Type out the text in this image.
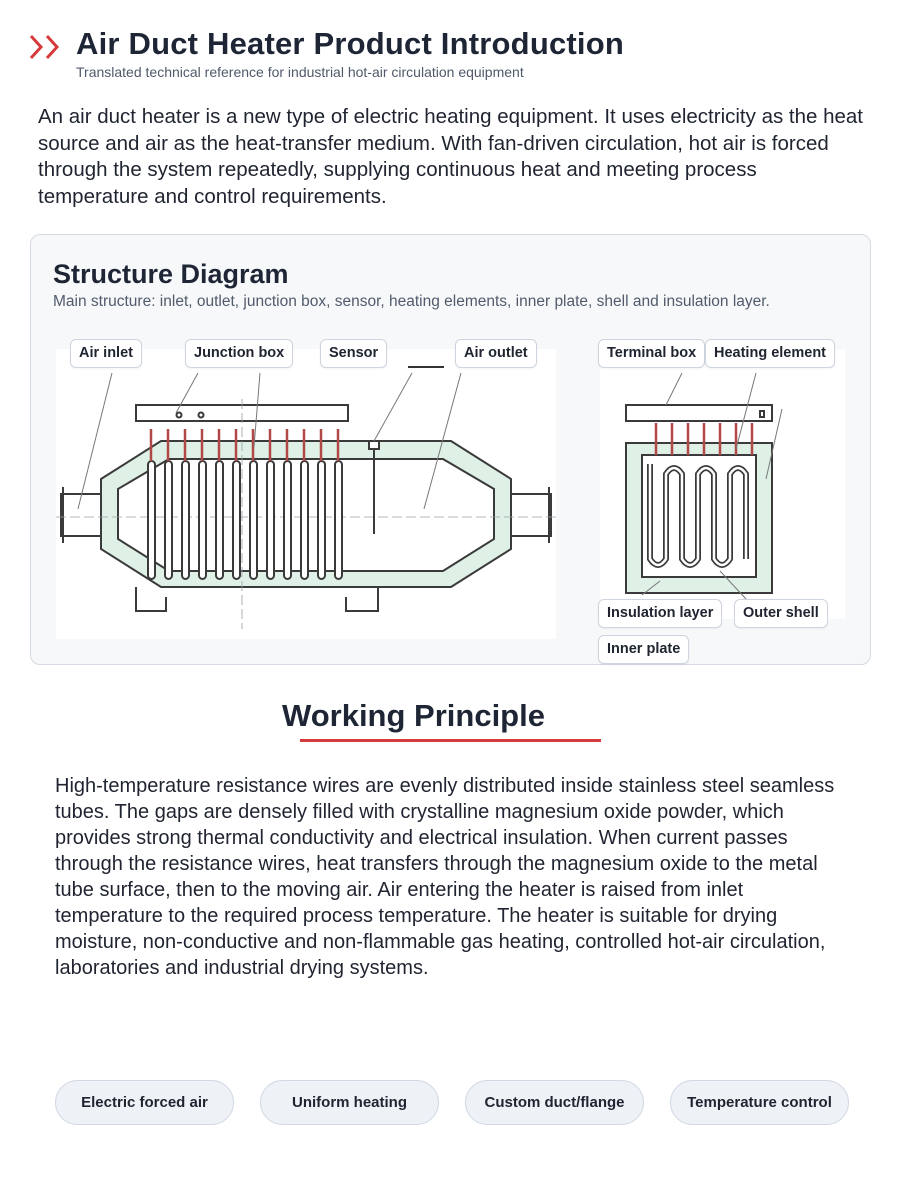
Air Duct Heater Product Introduction
Translated technical reference for industrial hot-air circulation equipment

An air duct heater is a new type of electric heating equipment. It uses electricity as the heat source and air as the heat-transfer medium. With fan-driven circulation, hot air is forced through the system repeatedly, supplying continuous heat and meeting process temperature and control requirements.

Structure Diagram
Main structure: inlet, outlet, junction box, sensor, heating elements, inner plate, shell and insulation layer.
Air inlet	Junction box	Sensor	Air outlet	Terminal box	Heating element
Insulation layer	Outer shell
Inner plate
Working Principle

High-temperature resistance wires are evenly distributed inside stainless steel seamless tubes. The gaps are densely filled with crystalline magnesium oxide powder, which provides strong thermal conductivity and electrical insulation. When current passes through the resistance wires, heat transfers through the magnesium oxide to the metal tube surface, then to the moving air. Air entering the heater is raised from inlet temperature to the required process temperature. The heater is suitable for drying moisture, non-conductive and non-flammable gas heating, controlled hot-air circulation, laboratories and industrial drying systems.

Electric forced air	Uniform heating	Custom duct/flange	Temperature control
